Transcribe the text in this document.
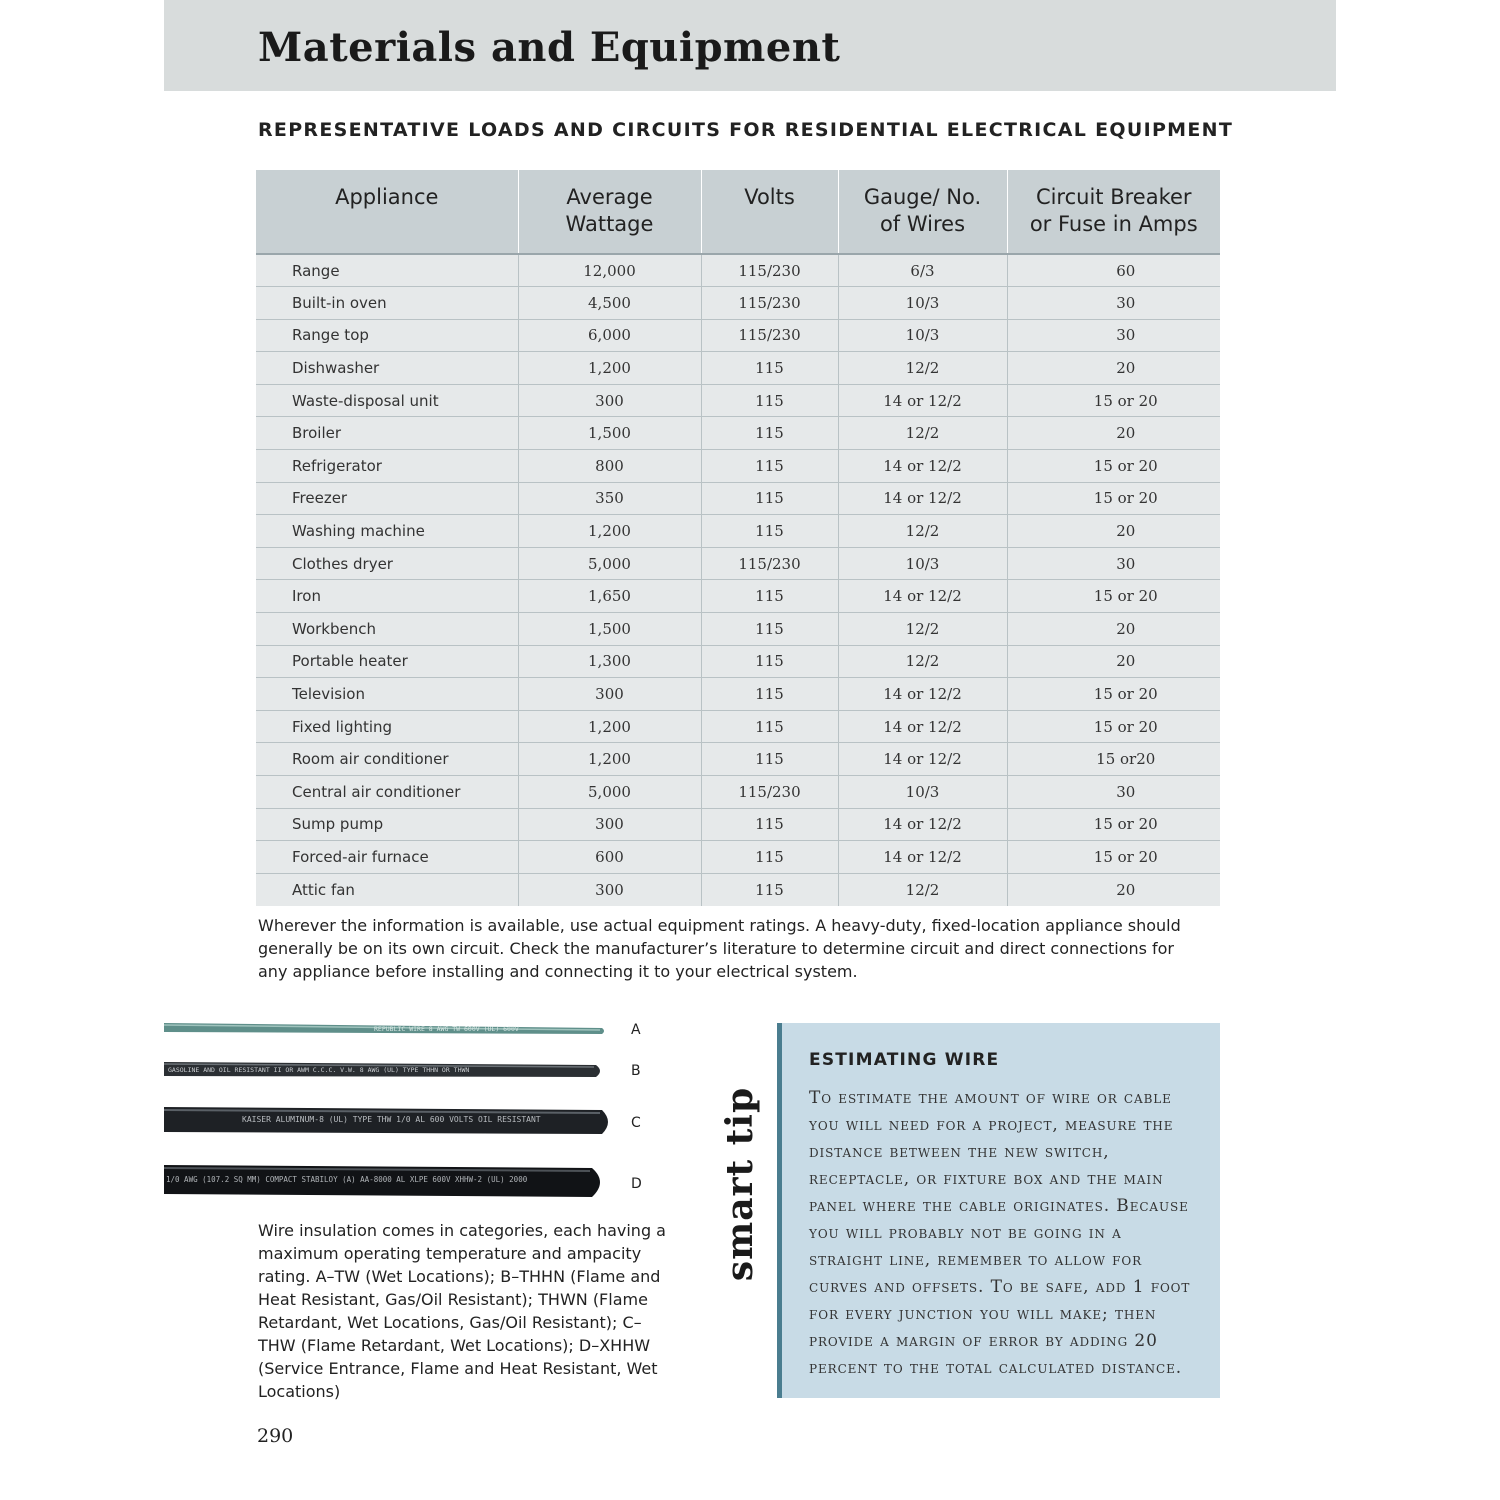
Materials and Equipment
REPRESENTATIVE LOADS AND CIRCUITS FOR RESIDENTIAL ELECTRICAL EQUIPMENT
Appliance	Average Wattage	Volts	Gauge/ No. of Wires	Circuit Breaker or Fuse in Amps

Range	12,000	115/230	6/3	60
Built-in oven	4,500	115/230	10/3	30
Range top	6,000	115/230	10/3	30
Dishwasher	1,200	115	12/2	20
Waste-disposal unit	300	115	14 or 12/2	15 or 20
Broiler	1,500	115	12/2	20
Refrigerator	800	115	14 or 12/2	15 or 20
Freezer	350	115	14 or 12/2	15 or 20
Washing machine	1,200	115	12/2	20
Clothes dryer	5,000	115/230	10/3	30
Iron	1,650	115	14 or 12/2	15 or 20
Workbench	1,500	115	12/2	20
Portable heater	1,300	115	12/2	20
Television	300	115	14 or 12/2	15 or 20
Fixed lighting	1,200	115	14 or 12/2	15 or 20
Room air conditioner	1,200	115	14 or 12/2	15 or20
Central air conditioner	5,000	115/230	10/3	30
Sump pump	300	115	14 or 12/2	15 or 20
Forced-air furnace	600	115	14 or 12/2	15 or 20
Attic fan	300	115	12/2	20

Wherever the information is available, use actual equipment ratings. A heavy-duty, fixed-location appliance should generally be on its own circuit. Check the manufacturer’s literature to determine circuit and direct connections for any appliance before installing and connecting it to your electrical system.

REPUBLIC WIRE 8 AWG TW 600V (UL) 600V
GASOLINE AND OIL RESISTANT II OR AWM C.C.C. V.W. 8 AWG (UL) TYPE THHN OR THWN
KAISER ALUMINUM-8 (UL) TYPE THW 1/0 AL 600 VOLTS OIL RESISTANT
1/0 AWG (107.2 SQ MM) COMPACT STABILOY (A) AA-8000 AL XLPE 600V XHHW-2 (UL) 2000
A
B
C
D

Wire insulation comes in categories, each having a maximum operating temperature and ampacity rating. A–TW (Wet Locations); B–THHN (Flame and Heat Resistant, Gas/Oil Resistant); THWN (Flame Retardant, Wet Locations, Gas/Oil Resistant); C–THW (Flame Retardant, Wet Locations); D–XHHW (Service Entrance, Flame and Heat Resistant, Wet Locations)

smart tip
ESTIMATING WIRE

To estimate the amount of wire or cable you will need for a project, measure the distance between the new switch, receptacle, or fixture box and the main panel where the cable originates. Because you will probably not be going in a straight line, remember to allow for curves and offsets. To be safe, add 1 foot for every junction you will make; then provide a margin of error by adding 20 percent to the total calculated distance.

290
